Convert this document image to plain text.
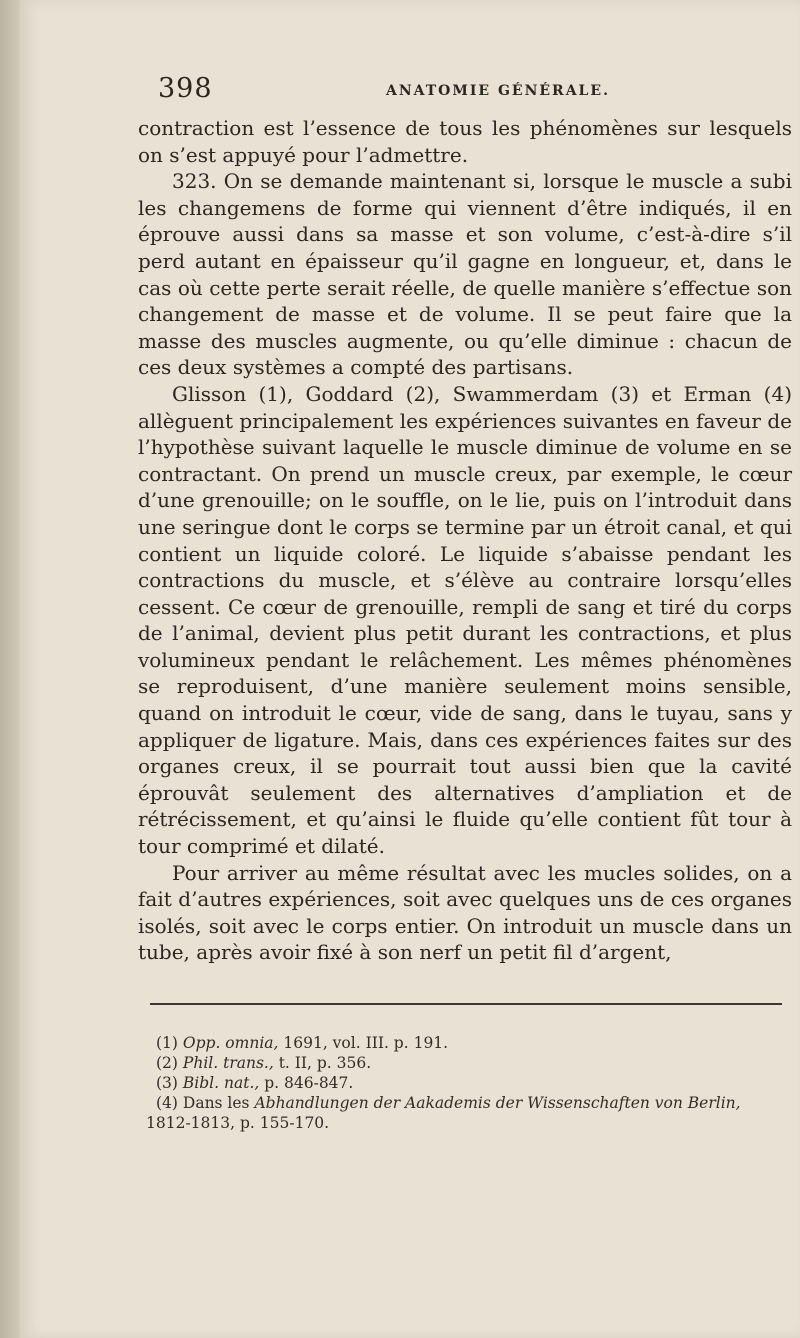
398	ANATOMIE GÉNÉRALE.

contraction est l’essence de tous les phénomènes sur lesquels on s’est appuyé pour l’admettre.

323. On se demande maintenant si, lorsque le muscle a subi les changemens de forme qui viennent d’être indiqués, il en éprouve aussi dans sa masse et son volume, c’est-à-dire s’il perd autant en épaisseur qu’il gagne en longueur, et, dans le cas où cette perte serait réelle, de quelle manière s’effectue son changement de masse et de volume. Il se peut faire que la masse des muscles augmente, ou qu’elle diminue : chacun de ces deux systèmes a compté des partisans.

Glisson (1), Goddard (2), Swammerdam (3) et Erman (4) allèguent principalement les expériences suivantes en faveur de l’hypothèse suivant laquelle le muscle diminue de volume en se contractant. On prend un muscle creux, par exemple, le cœur d’une grenouille; on le souffle, on le lie, puis on l’introduit dans une seringue dont le corps se termine par un étroit canal, et qui contient un liquide coloré. Le liquide s’abaisse pendant les contractions du muscle, et s’élève au contraire lorsqu’elles cessent. Ce cœur de grenouille, rempli de sang et tiré du corps de l’animal, devient plus petit durant les contractions, et plus volumineux pendant le relâchement. Les mêmes phénomènes se reproduisent, d’une manière seulement moins sensible, quand on introduit le cœur, vide de sang, dans le tuyau, sans y appliquer de ligature. Mais, dans ces expériences faites sur des organes creux, il se pourrait tout aussi bien que la cavité éprouvât seulement des alternatives d’ampliation et de rétrécissement, et qu’ainsi le fluide qu’elle contient fût tour à tour comprimé et dilaté.

Pour arriver au même résultat avec les mucles solides, on a fait d’autres expériences, soit avec quelques uns de ces organes isolés, soit avec le corps entier. On introduit un muscle dans un tube, après avoir fixé à son nerf un petit fil d’argent,

(1) Opp. omnia, 1691, vol. III. p. 191.

(2) Phil. trans., t. II, p. 356.

(3) Bibl. nat., p. 846-847.

(4) Dans les Abhandlungen der Aakademis der Wissenschaften von Berlin,

1812-1813, p. 155-170.
